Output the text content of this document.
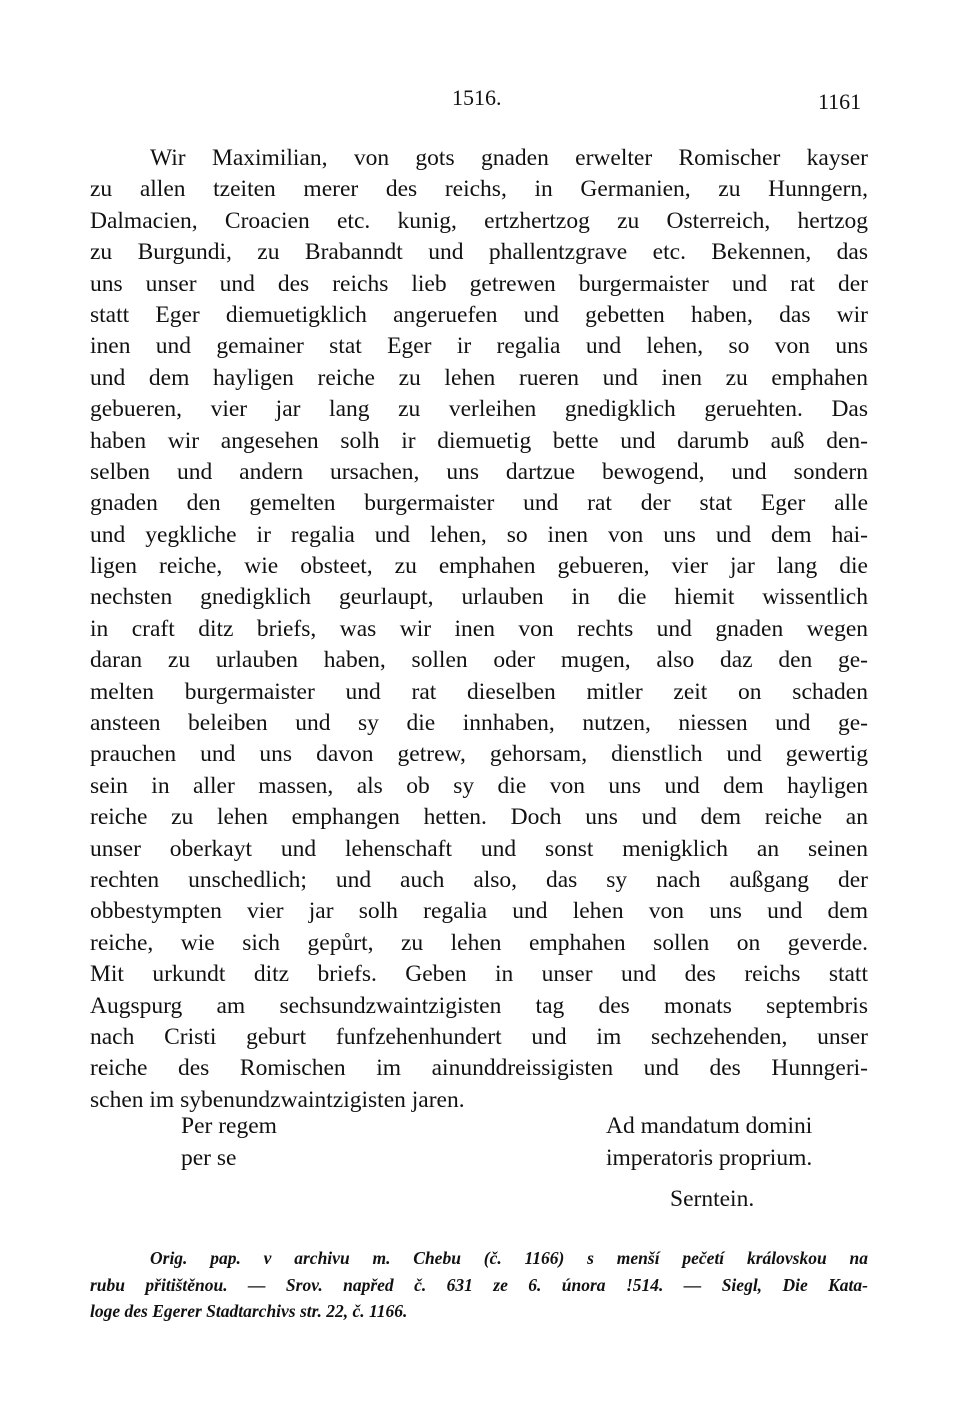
1516.	1161
Wir Maximilian, von gots gnaden erwelter Romischer kayser
zu allen tzeiten merer des reichs, in Germanien, zu Hunngern,
Dalmacien, Croacien etc. kunig, ertzhertzog zu Osterreich, hertzog
zu Burgundi, zu Brabanndt und phallentzgrave etc. Bekennen, das
uns unser und des reichs lieb getrewen burgermaister und rat der
statt Eger diemuetigklich angeruefen und gebetten haben, das wir
inen und gemainer stat Eger ir regalia und lehen, so von uns
und dem hayligen reiche zu lehen rueren und inen zu emphahen
gebueren, vier jar lang zu verleihen gnedigklich geruehten. Das
haben wir angesehen solh ir diemuetig bette und darumb auß den-
selben und andern ursachen, uns dartzue bewogend, und sondern
gnaden den gemelten burgermaister und rat der stat Eger alle
und yegkliche ir regalia und lehen, so inen von uns und dem hai-
ligen reiche, wie obsteet, zu emphahen gebueren, vier jar lang die
nechsten gnedigklich geurlaupt, urlauben in die hiemit wissentlich
in craft ditz briefs, was wir inen von rechts und gnaden wegen
daran zu urlauben haben, sollen oder mugen, also daz den ge-
melten burgermaister und rat dieselben mitler zeit on schaden
ansteen beleiben und sy die innhaben, nutzen, niessen und ge-
prauchen und uns davon getrew, gehorsam, dienstlich und gewertig
sein in aller massen, als ob sy die von uns und dem hayligen
reiche zu lehen emphangen hetten. Doch uns und dem reiche an
unser oberkayt und lehenschaft und sonst menigklich an seinen
rechten unschedlich; und auch also, das sy nach außgang der
obbestympten vier jar solh regalia und lehen von uns und dem
reiche, wie sich gepůrt, zu lehen emphahen sollen on geverde.
Mit urkundt ditz briefs. Geben in unser und des reichs statt
Augspurg am sechsundzwaintzigisten tag des monats septembris
nach Cristi geburt funfzehenhundert und im sechzehenden, unser
reiche des Romischen im ainunddreissigisten und des Hunngeri-
schen im sybenundzwaintzigisten jaren.
Per regem
per se
Ad mandatum domini
imperatoris proprium.
Serntein.
Orig. pap. v archivu m. Chebu (č. 1166) s menší pečetí královskou na
rubu přitištěnou. — Srov. napřed č. 631 ze 6. února !514. — Siegl, Die Kata-
loge des Egerer Stadtarchivs str. 22, č. 1166.
